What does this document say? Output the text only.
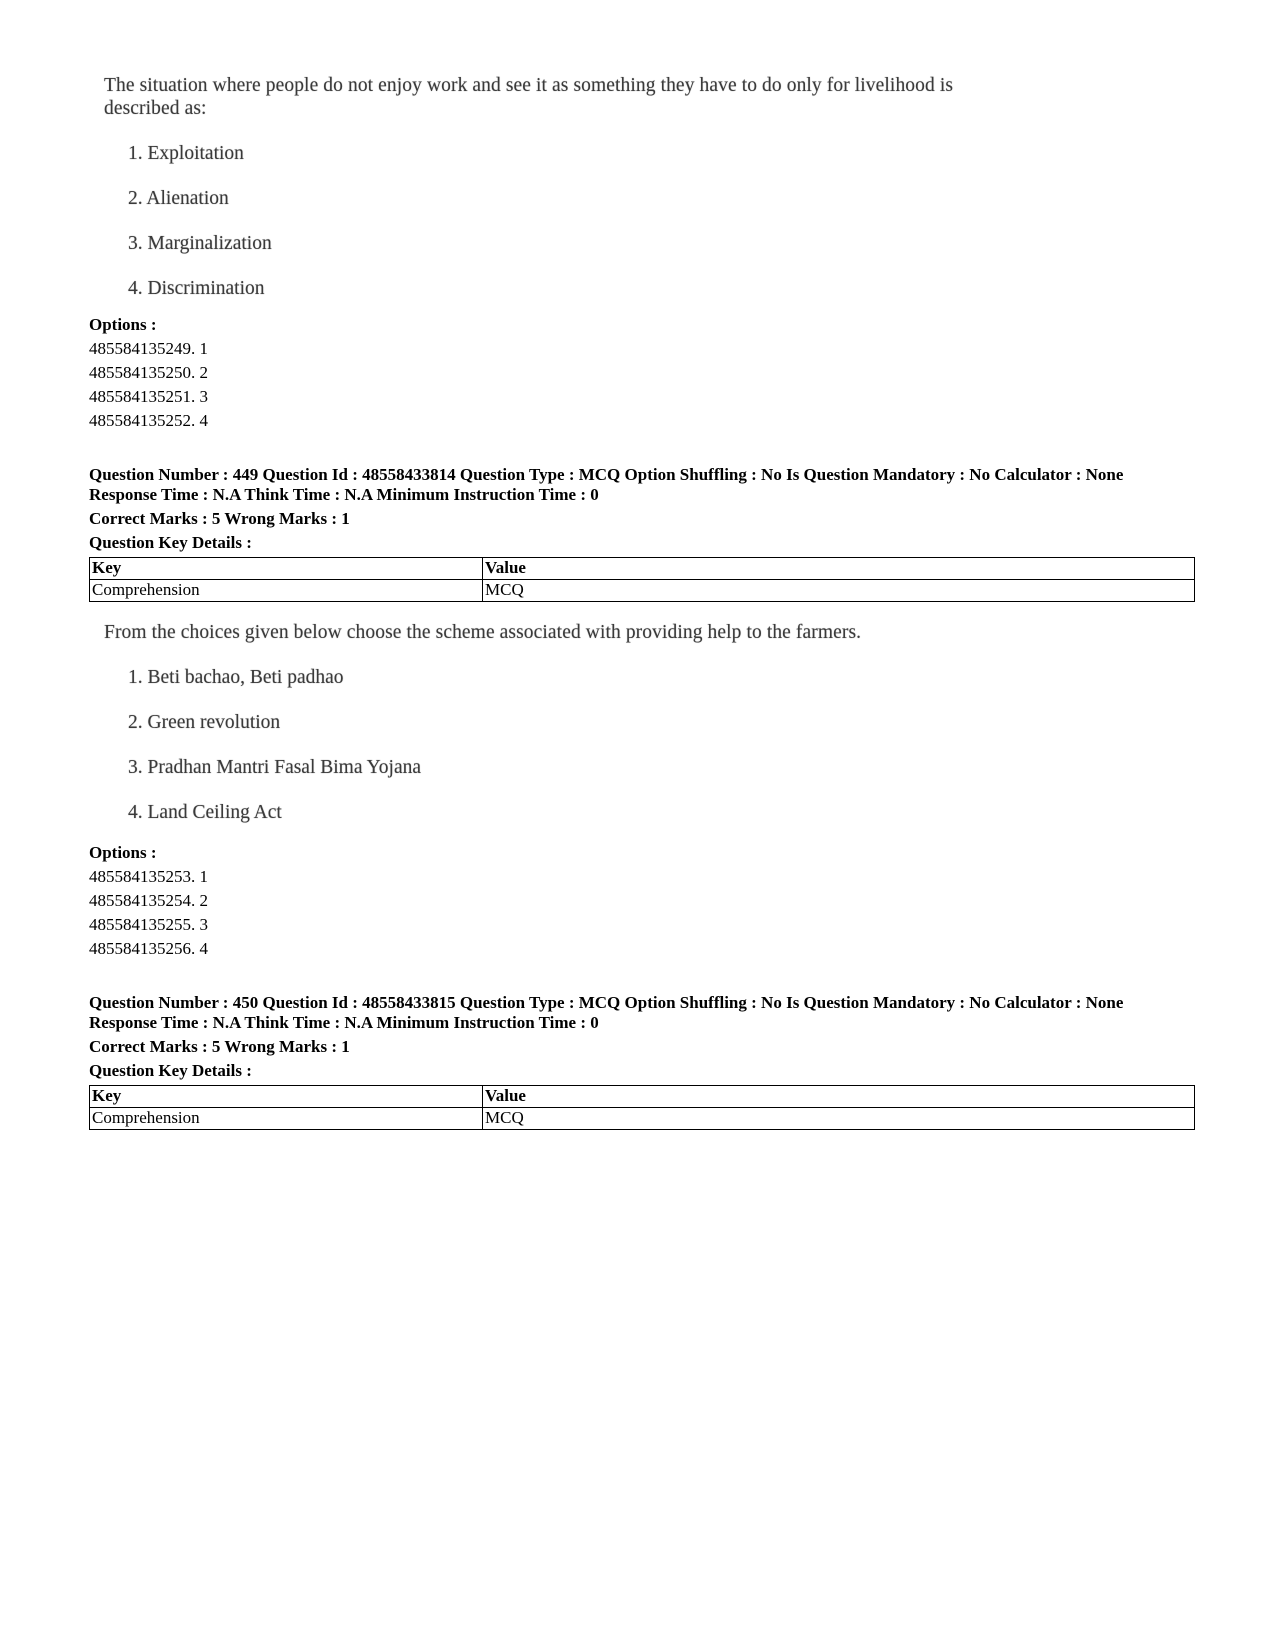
The situation where people do not enjoy work and see it as something they have to do only for livelihood is
described as:
1. Exploitation
2. Alienation
3. Marginalization
4. Discrimination
Options :
485584135249. 1
485584135250. 2
485584135251. 3
485584135252. 4
Question Number : 449 Question Id : 48558433814 Question Type : MCQ Option Shuffling : No Is Question Mandatory : No Calculator : None
Response Time : N.A Think Time : N.A Minimum Instruction Time : 0
Correct Marks : 5 Wrong Marks : 1
Question Key Details :
Key	Value
Comprehension	MCQ
From the choices given below choose the scheme associated with providing help to the farmers.
1. Beti bachao, Beti padhao
2. Green revolution
3. Pradhan Mantri Fasal Bima Yojana
4. Land Ceiling Act
Options :
485584135253. 1
485584135254. 2
485584135255. 3
485584135256. 4
Question Number : 450 Question Id : 48558433815 Question Type : MCQ Option Shuffling : No Is Question Mandatory : No Calculator : None
Response Time : N.A Think Time : N.A Minimum Instruction Time : 0
Correct Marks : 5 Wrong Marks : 1
Question Key Details :
Key	Value
Comprehension	MCQ
